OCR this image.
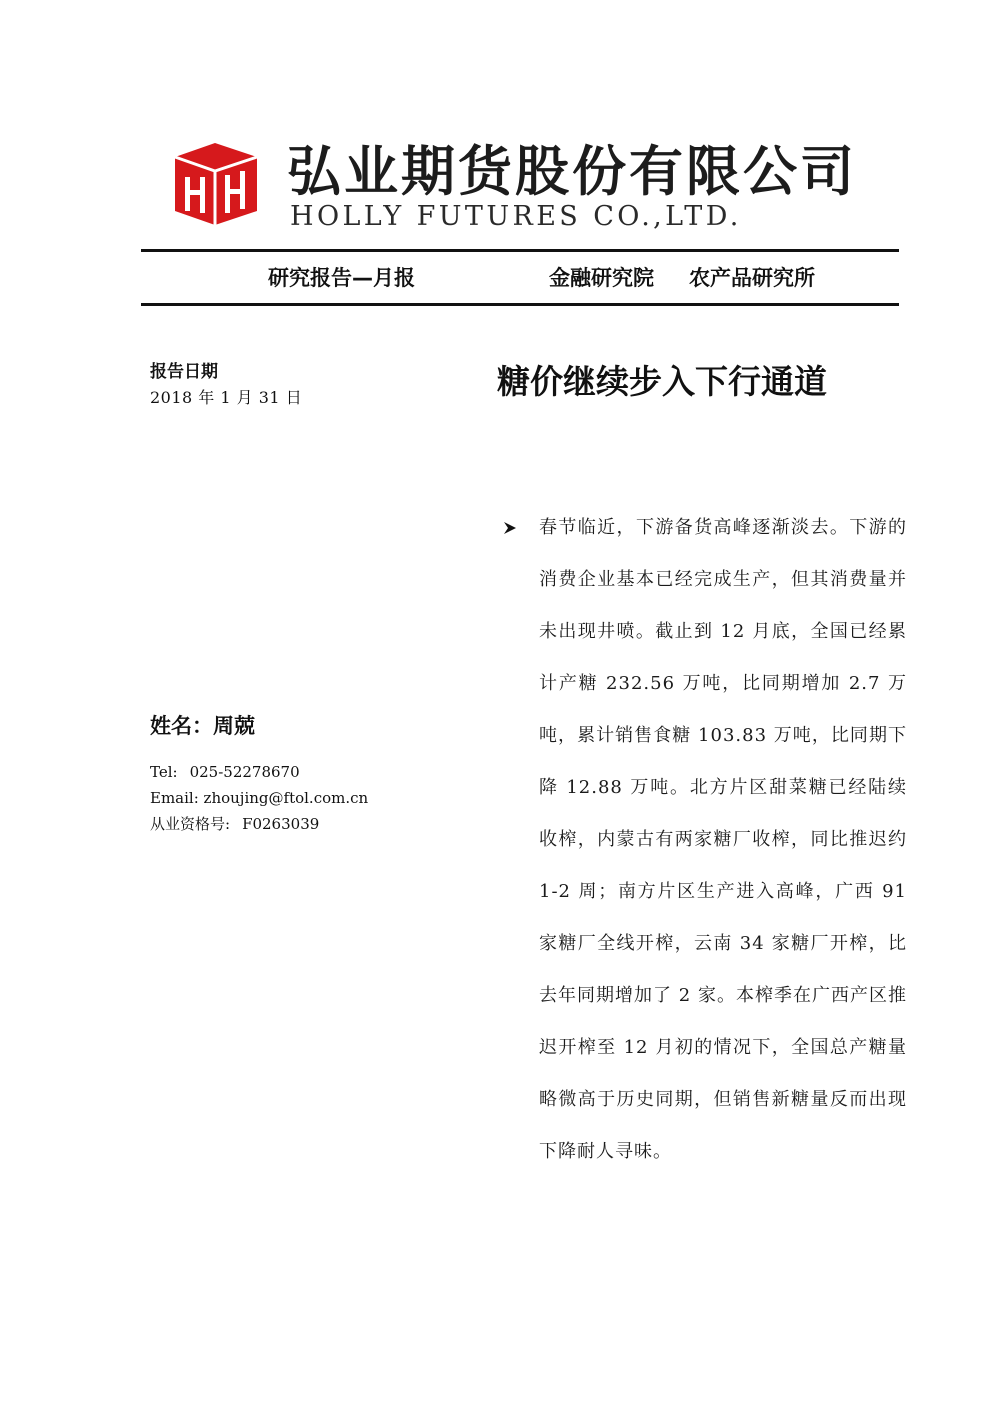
弘业期货股份有限公司
HOLLY FUTURES CO.,LTD.
研究报告—月报	金融研究院 农产品研究所
报告日期
2018 年 1 月 31 日	糖价继续步入下行通道
姓名：周兢
Tel: 025-52278670
Email: zhoujing@ftol.com.cn
从业资格号: F0263039

春节临近，下游备货高峰逐渐淡去。下游的消费企业基本已经完成生产，但其消费量并未出现井喷。截止到 12 月底，全国已经累计产糖 232.56 万吨，比同期增加 2.7 万吨，累计销售食糖 103.83 万吨，比同期下降 12.88 万吨。北方片区甜菜糖已经陆续收榨，内蒙古有两家糖厂收榨，同比推迟约 1-2 周；南方片区生产进入高峰，广西 91 家糖厂全线开榨，云南 34 家糖厂开榨，比去年同期增加了 2 家。本榨季在广西产区推迟开榨至 12 月初的情况下，全国总产糖量略微高于历史同期，但销售新糖量反而出现下降耐人寻味。
